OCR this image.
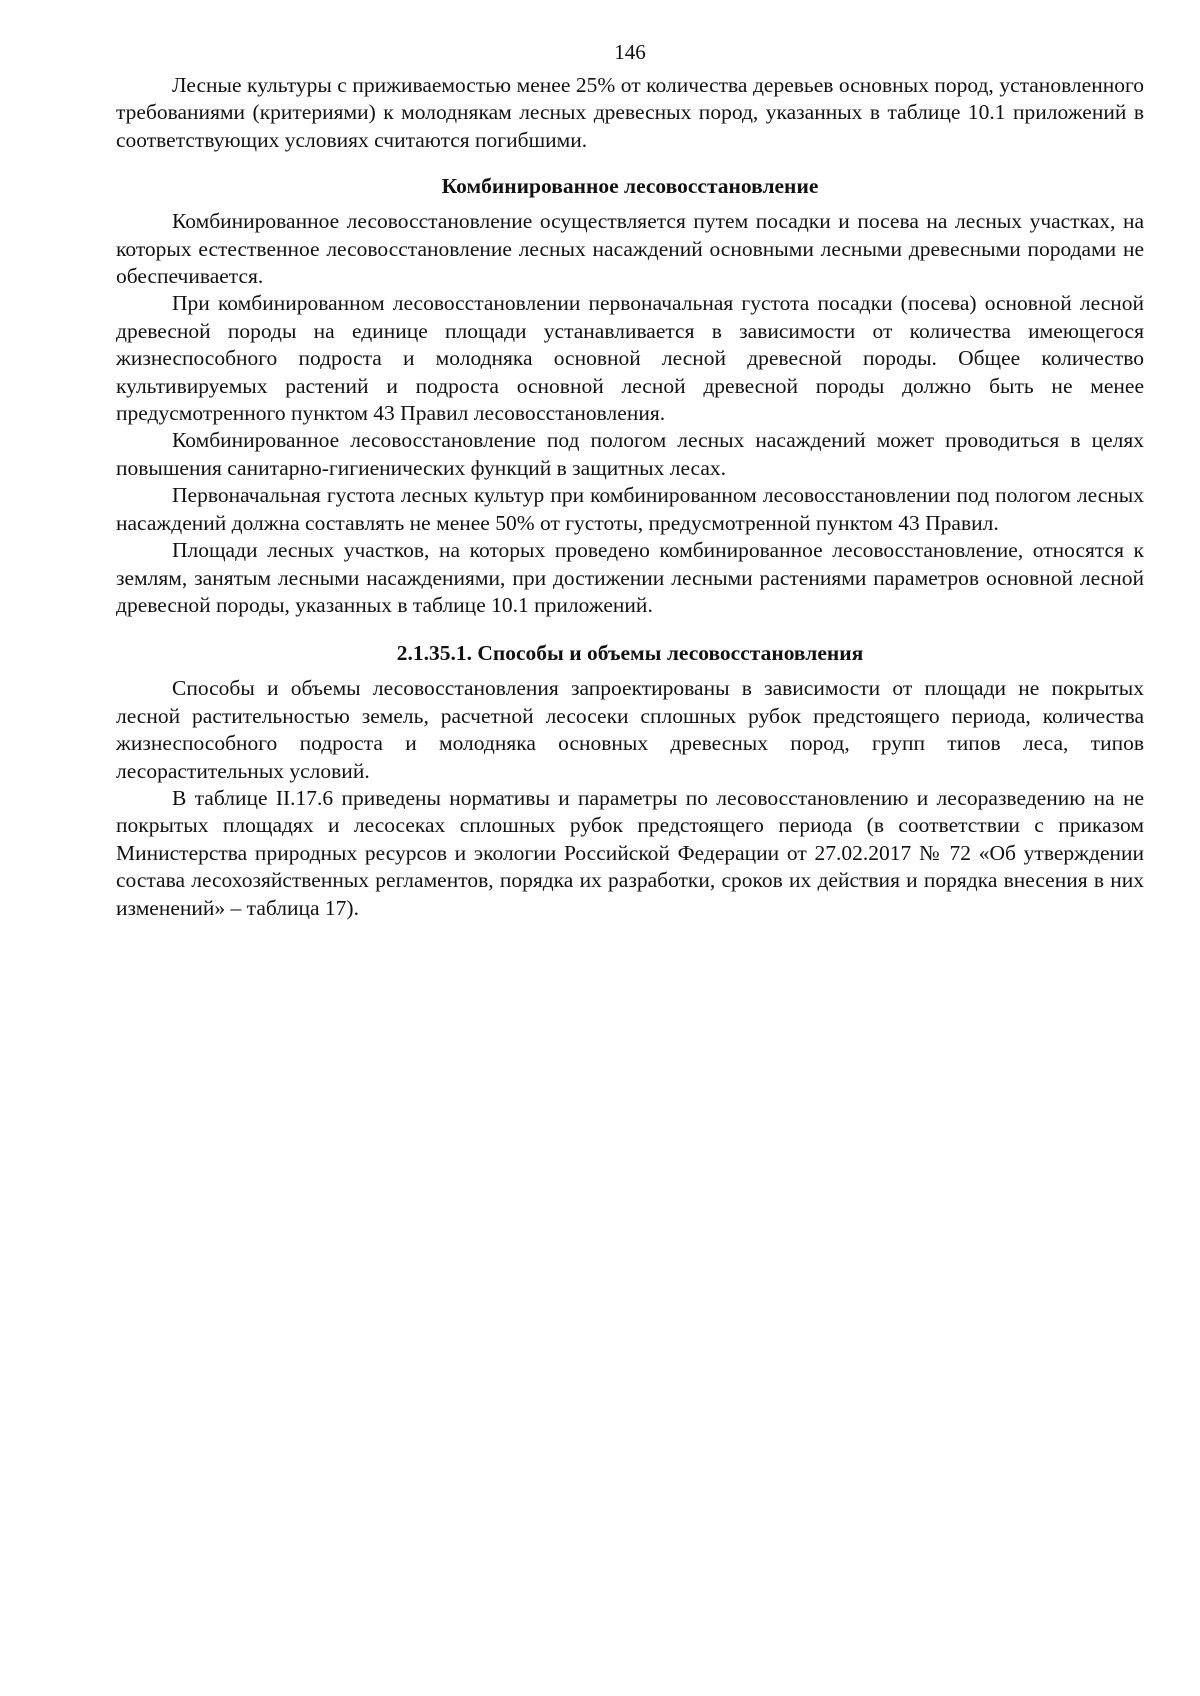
146

Лесные культуры с приживаемостью менее 25% от количества деревьев основных пород, установленного требованиями (критериями) к молоднякам лесных древесных пород, указанных в таблице 10.1 приложений в соответствующих условиях считаются погибшими.

Комбинированное лесовосстановление

Комбинированное лесовосстановление осуществляется путем посадки и посева на лесных участках, на которых естественное лесовосстановление лесных насаждений основными лесными древесными породами не обеспечивается.

При комбинированном лесовосстановлении первоначальная густота посадки (посева) основной лесной древесной породы на единице площади устанавливается в зависимости от количества имеющегося жизнеспособного подроста и молодняка основной лесной древесной породы. Общее количество культивируемых растений и подроста основной лесной древесной породы должно быть не менее предусмотренного пунктом 43 Правил лесовосстановления.

Комбинированное лесовосстановление под пологом лесных насаждений может проводиться в целях повышения санитарно-гигиенических функций в защитных лесах.

Первоначальная густота лесных культур при комбинированном лесовосстановлении под пологом лесных насаждений должна составлять не менее 50% от густоты, предусмотренной пунктом 43 Правил.

Площади лесных участков, на которых проведено комбинированное лесовосстановление, относятся к землям, занятым лесными насаждениями, при достижении лесными растениями параметров основной лесной древесной породы, указанных в таблице 10.1 приложений.

2.1.35.1. Способы и объемы лесовосстановления

Способы и объемы лесовосстановления запроектированы в зависимости от площади не покрытых лесной растительностью земель, расчетной лесосеки сплошных рубок предстоящего периода, количества жизнеспособного подроста и молодняка основных древесных пород, групп типов леса, типов лесорастительных условий.

В таблице II.17.6 приведены нормативы и параметры по лесовосстановлению и лесоразведению на не покрытых площадях и лесосеках сплошных рубок предстоящего периода (в соответствии с приказом Министерства природных ресурсов и экологии Российской Федерации от 27.02.2017 № 72 «Об утверждении состава лесохозяйственных регламентов, порядка их разработки, сроков их действия и порядка внесения в них изменений» – таблица 17).
